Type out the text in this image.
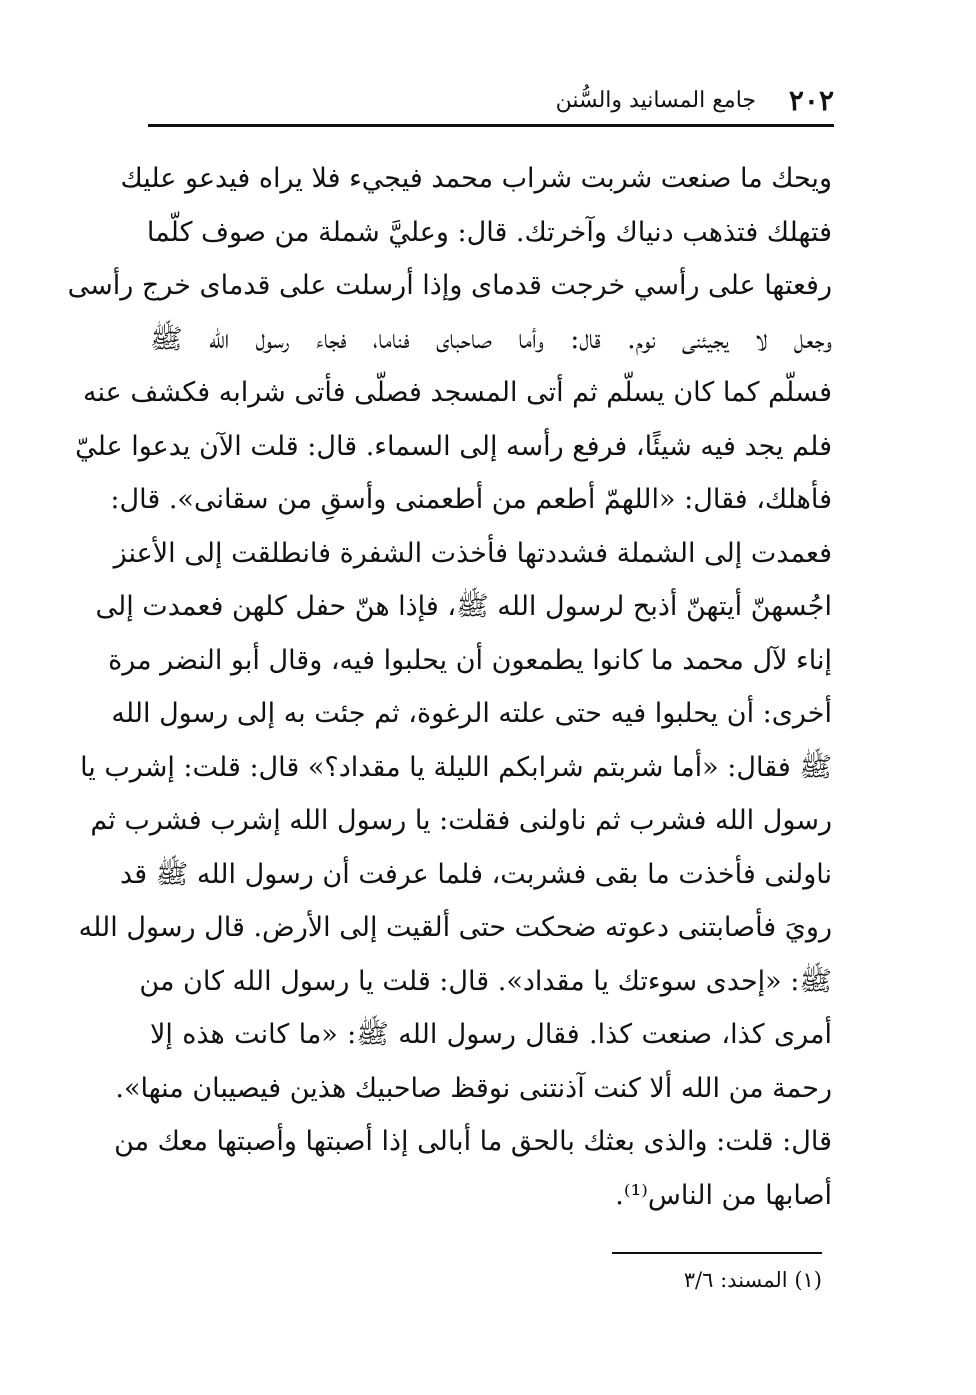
٢٠٢
جامع المسانيد والسُّنن
ويحك ما صنعت شربت شراب محمد فيجيء فلا يراه فيدعو عليك
فتهلك فتذهب دنياك وآخرتك. قال: وعليَّ شملة من صوف كلّما
رفعتها على رأسي خرجت قدماى وإذا أرسلت على قدماى خرج رأسى
وجعل لا يجيئنى نوم. قال: وأما صاحباى فناما، فجاء رسول الله ﷺ
فسلّم كما كان يسلّم ثم أتى المسجد فصلّى فأتى شرابه فكشف عنه
فلم يجد فيه شيئًا، فرفع رأسه إلى السماء. قال: قلت الآن يدعوا عليّ
فأهلك، فقال: «اللهمّ أطعم من أطعمنى وأسقِ من سقانى». قال:
فعمدت إلى الشملة فشددتها فأخذت الشفرة فانطلقت إلى الأعنز
اجُسهنّ أيتهنّ أذبح لرسول الله ﷺ، فإذا هنّ حفل كلهن فعمدت إلى
إناء لآل محمد ما كانوا يطمعون أن يحلبوا فيه، وقال أبو النضر مرة
أخرى: أن يحلبوا فيه حتى علته الرغوة، ثم جئت به إلى رسول الله
ﷺ فقال: «أما شربتم شرابكم الليلة يا مقداد؟» قال: قلت: إشرب يا
رسول الله فشرب ثم ناولنى فقلت: يا رسول الله إشرب فشرب ثم
ناولنى فأخذت ما بقى فشربت، فلما عرفت أن رسول الله ﷺ قد
رويَ فأصابتنى دعوته ضحكت حتى ألقيت إلى الأرض. قال رسول الله
ﷺ: «إحدى سوءتك يا مقداد». قال: قلت يا رسول الله كان من
أمرى كذا، صنعت كذا. فقال رسول الله ﷺ: «ما كانت هذه إلا
رحمة من الله ألا كنت آذنتنى نوقظ صاحبيك هذين فيصيبان منها».
قال: قلت: والذى بعثك بالحق ما أبالى إذا أصبتها وأصبتها معك من
أصابها من الناس⁽¹⁾.
(١) المسند: ٣/٦
